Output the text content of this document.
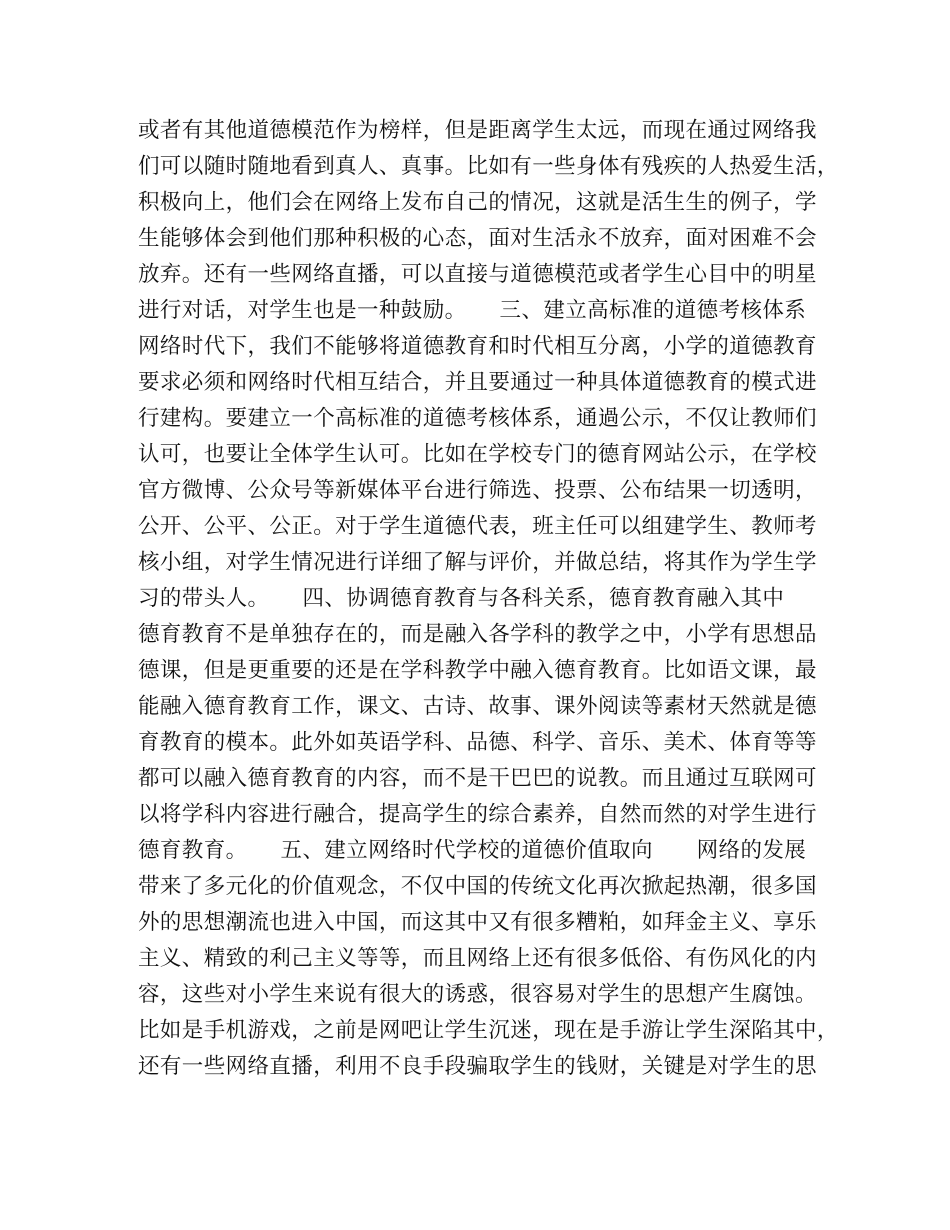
或者有其他道德模范作为榜样，但是距离学生太远，而现在通过网络我
们可以随时随地看到真人、真事。比如有一些身体有残疾的人热爱生活，
积极向上，他们会在网络上发布自己的情况，这就是活生生的例子，学
生能够体会到他们那种积极的心态，面对生活永不放弃，面对困难不会
放弃。还有一些网络直播，可以直接与道德模范或者学生心目中的明星
进行对话，对学生也是一种鼓励。　　三、建立高标准的道德考核体系
网络时代下，我们不能够将道德教育和时代相互分离，小学的道德教育
要求必须和网络时代相互结合，并且要通过一种具体道德教育的模式进
行建构。要建立一个高标准的道德考核体系，通過公示，不仅让教师们
认可，也要让全体学生认可。比如在学校专门的德育网站公示，在学校
官方微博、公众号等新媒体平台进行筛选、投票、公布结果一切透明，
公开、公平、公正。对于学生道德代表，班主任可以组建学生、教师考
核小组，对学生情况进行详细了解与评价，并做总结，将其作为学生学
习的带头人。　　四、协调德育教育与各科关系，德育教育融入其中
德育教育不是单独存在的，而是融入各学科的教学之中，小学有思想品
德课，但是更重要的还是在学科教学中融入德育教育。比如语文课，最
能融入德育教育工作，课文、古诗、故事、课外阅读等素材天然就是德
育教育的模本。此外如英语学科、品德、科学、音乐、美术、体育等等
都可以融入德育教育的内容，而不是干巴巴的说教。而且通过互联网可
以将学科内容进行融合，提高学生的综合素养，自然而然的对学生进行
德育教育。　　五、建立网络时代学校的道德价值取向　　网络的发展
带来了多元化的价值观念，不仅中国的传统文化再次掀起热潮，很多国
外的思想潮流也进入中国，而这其中又有很多糟粕，如拜金主义、享乐
主义、精致的利己主义等等，而且网络上还有很多低俗、有伤风化的内
容，这些对小学生来说有很大的诱惑，很容易对学生的思想产生腐蚀。
比如是手机游戏，之前是网吧让学生沉迷，现在是手游让学生深陷其中，
还有一些网络直播，利用不良手段骗取学生的钱财，关键是对学生的思
